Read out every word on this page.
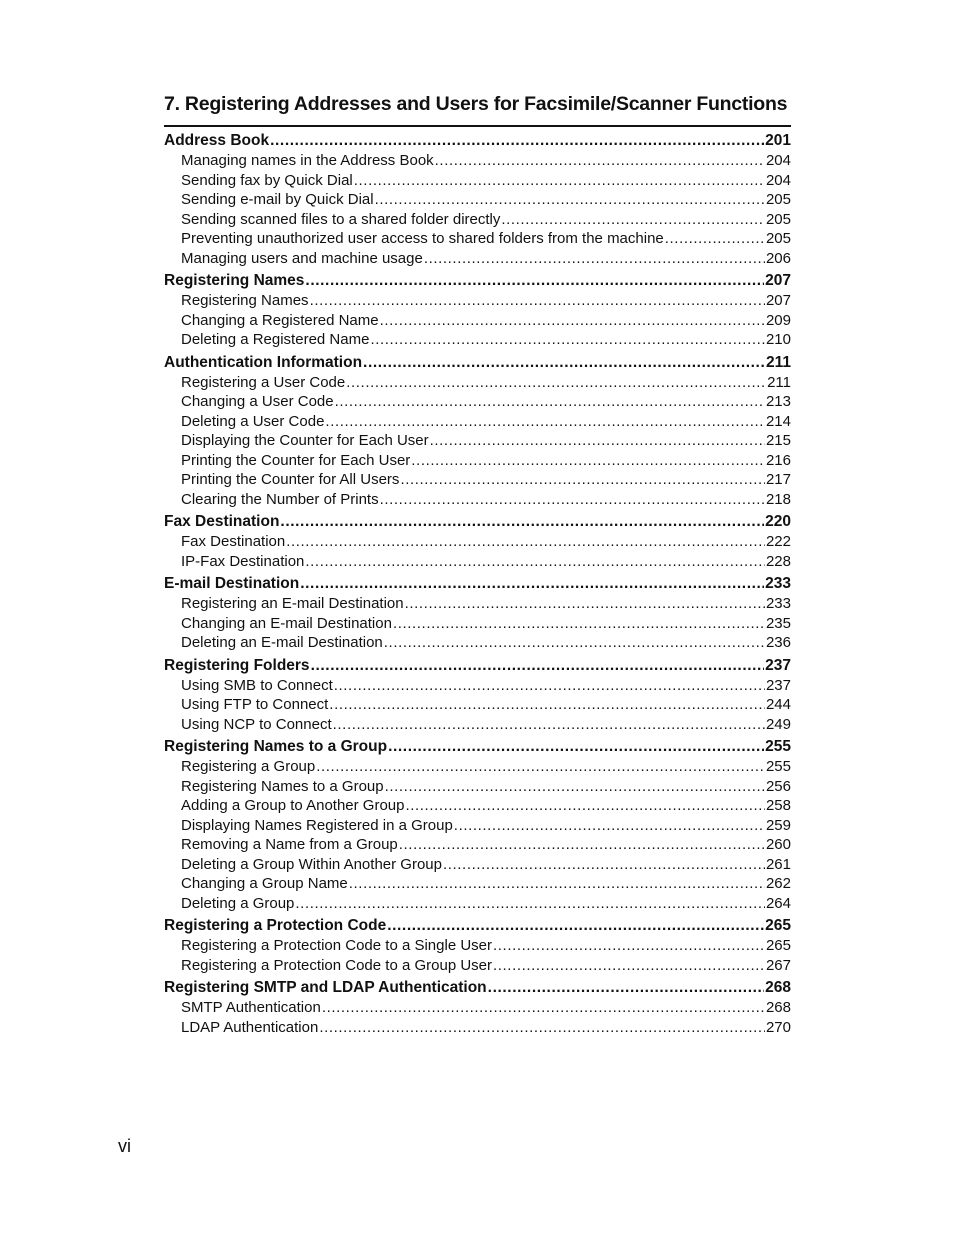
7. Registering Addresses and Users for Facsimile/Scanner Functions
Address Book .....	201
Managing names in the Address Book .....	204
Sending fax by Quick Dial .....	204
Sending e-mail by Quick Dial .....	205
Sending scanned files to a shared folder directly .....	205
Preventing unauthorized user access to shared folders from the machine .....	205
Managing users and machine usage .....	206
Registering Names .....	207
Registering Names .....	207
Changing a Registered Name .....	209
Deleting a Registered Name .....	210
Authentication Information .....	211
Registering a User Code .....	211
Changing a User Code .....	213
Deleting a User Code .....	214
Displaying the Counter for Each User .....	215
Printing the Counter for Each User .....	216
Printing the Counter for All Users .....	217
Clearing the Number of Prints .....	218
Fax Destination .....	220
Fax Destination .....	222
IP-Fax Destination .....	228
E-mail Destination .....	233
Registering an E-mail Destination .....	233
Changing an E-mail Destination .....	235
Deleting an E-mail Destination .....	236
Registering Folders .....	237
Using SMB to Connect .....	237
Using FTP to Connect .....	244
Using NCP to Connect .....	249
Registering Names to a Group .....	255
Registering a Group .....	255
Registering Names to a Group .....	256
Adding a Group to Another Group .....	258
Displaying Names Registered in a Group .....	259
Removing a Name from a Group .....	260
Deleting a Group Within Another Group .....	261
Changing a Group Name .....	262
Deleting a Group .....	264
Registering a Protection Code .....	265
Registering a Protection Code to a Single User .....	265
Registering a Protection Code to a Group User .....	267
Registering SMTP and LDAP Authentication .....	268
SMTP Authentication .....	268
LDAP Authentication .....	270
vi
